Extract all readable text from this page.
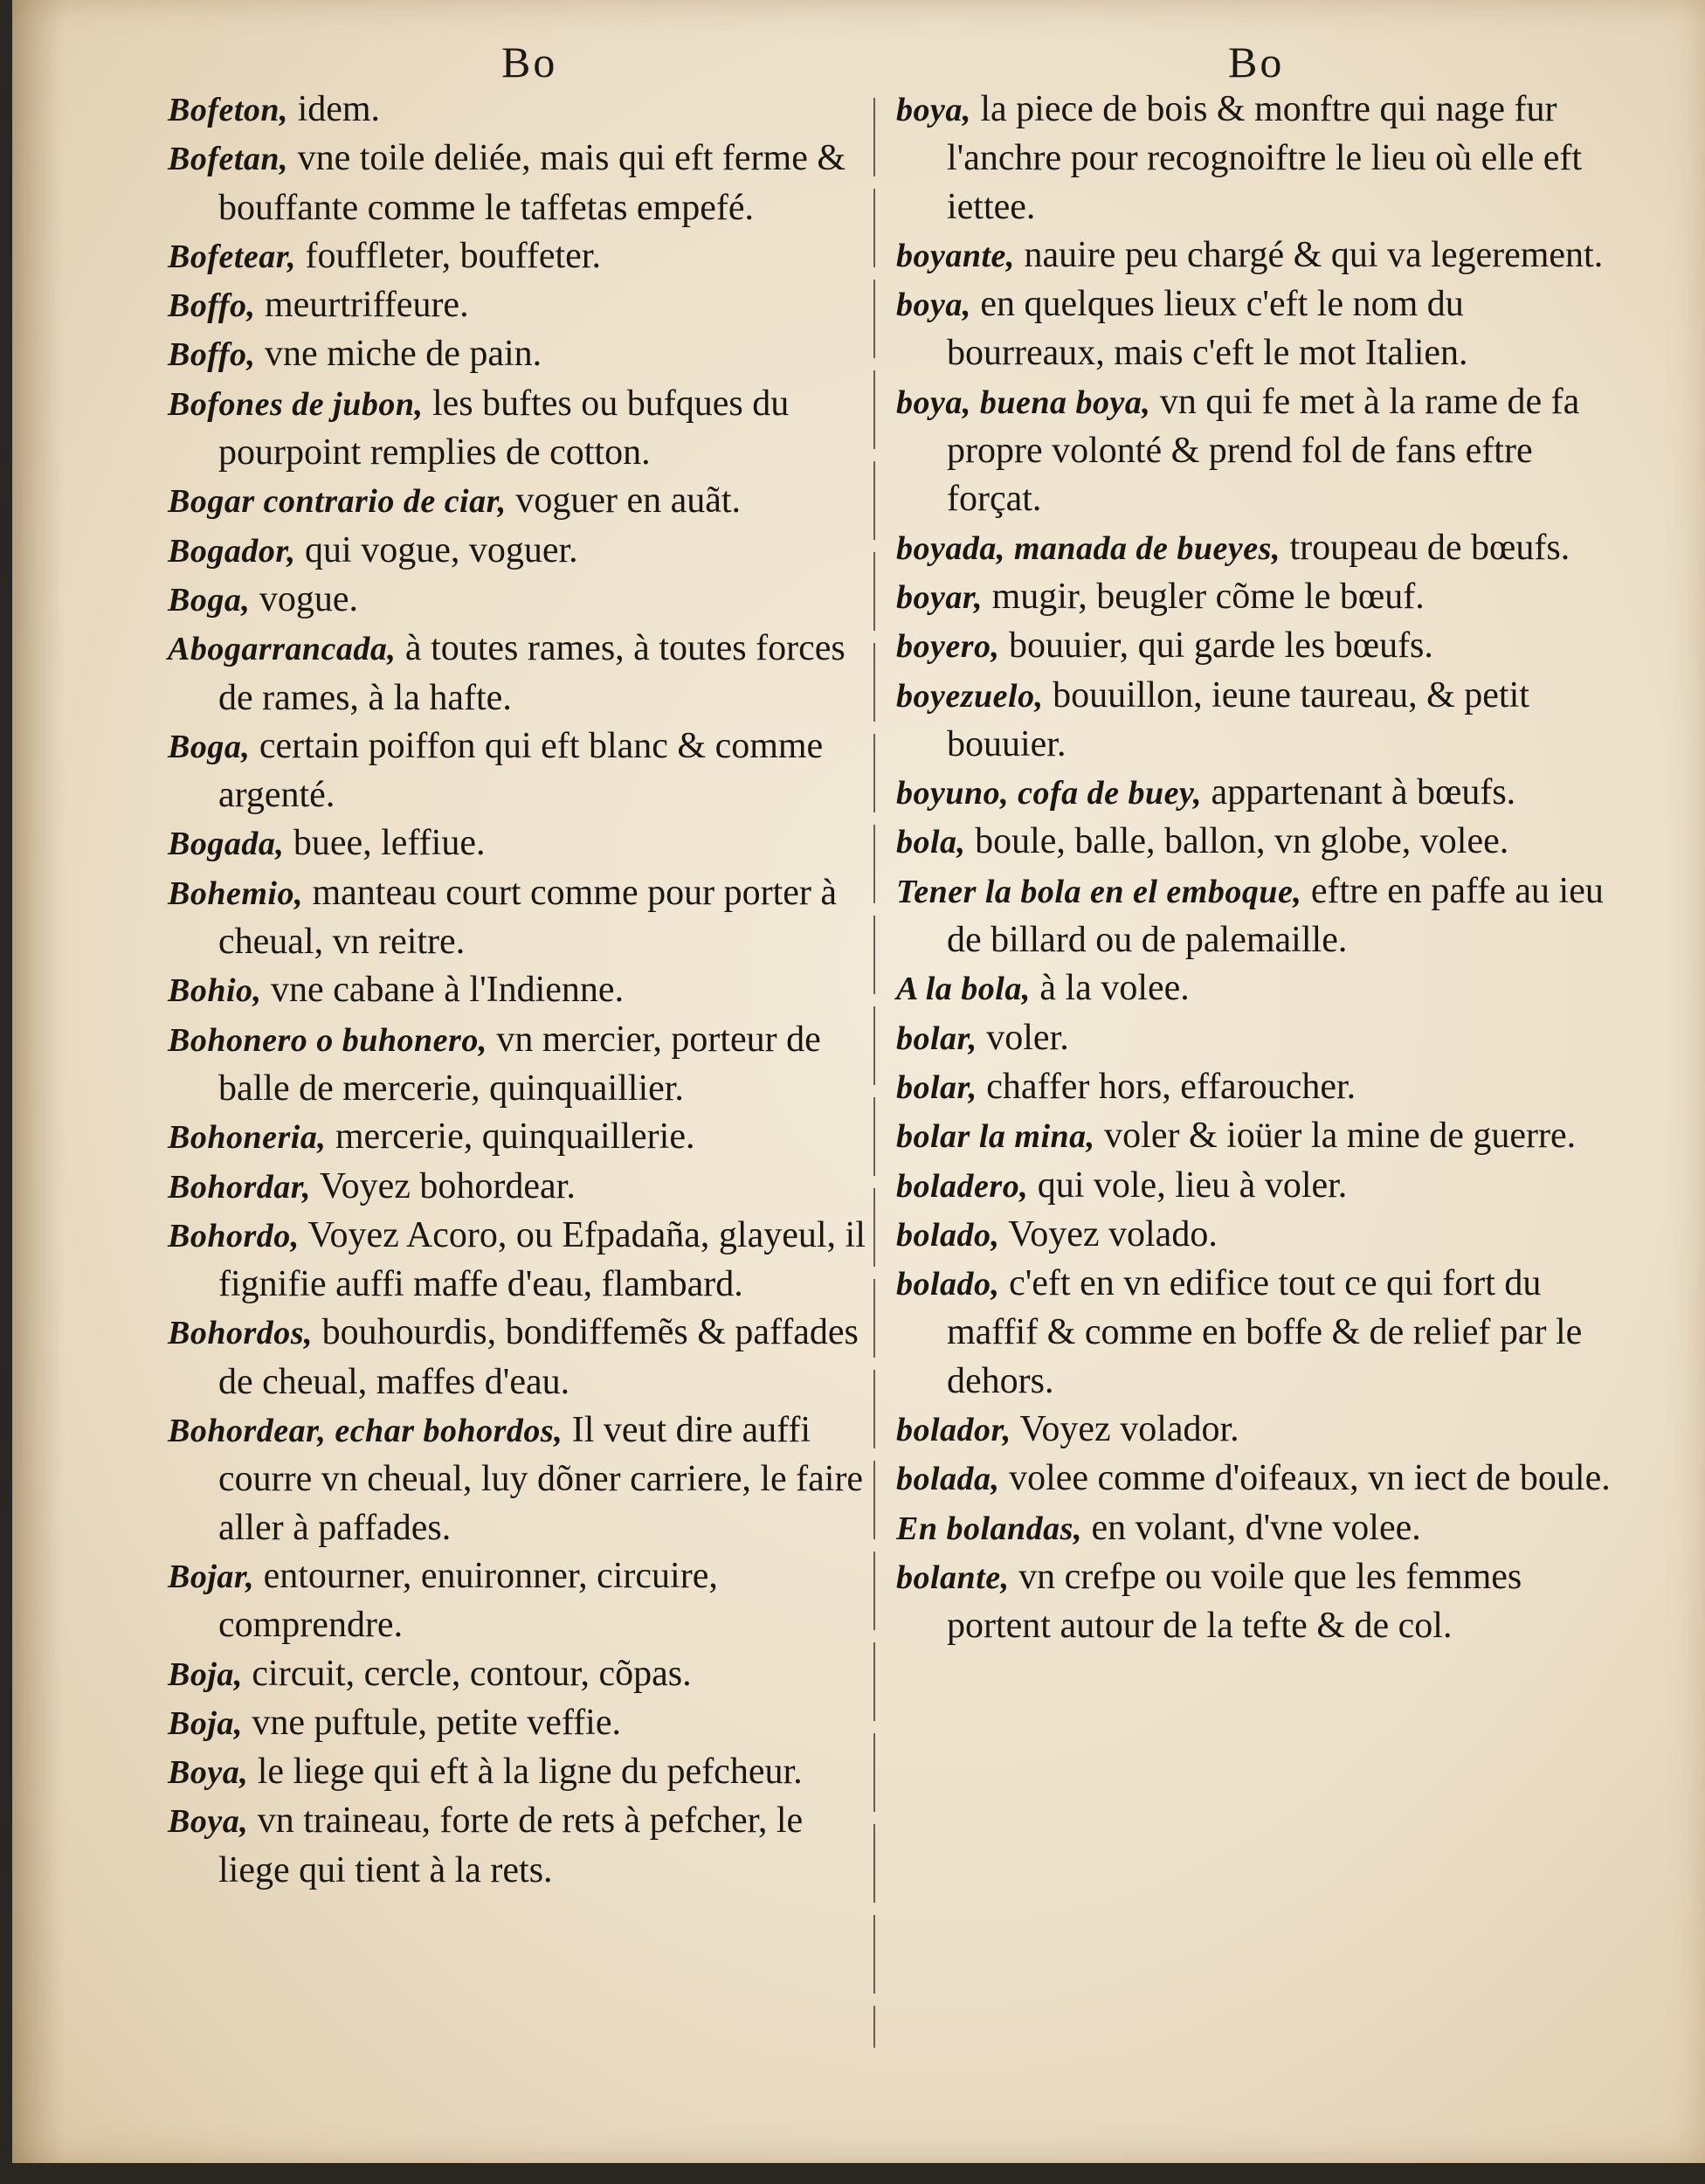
Bo	Bo

Bofeton, idem.

Bofetan, vne toile deliée, mais qui eft ferme & bouffante comme le taffetas empefé.

Bofetear, fouffleter, bouffeter.

Boffo, meurtriffeure.

Boffo, vne miche de pain.

Bofones de jubon, les buftes ou bufques du pourpoint remplies de cotton.

Bogar contrario de ciar, voguer en auãt.

Bogador, qui vogue, voguer.

Boga, vogue.

Abogarrancada, à toutes rames, à toutes forces de rames, à la hafte.

Boga, certain poiffon qui eft blanc & comme argenté.

Bogada, buee, leffiue.

Bohemio, manteau court comme pour porter à cheual, vn reitre.

Bohio, vne cabane à l'Indienne.

Bohonero o buhonero, vn mercier, porteur de balle de mercerie, quinquaillier.

Bohoneria, mercerie, quinquaillerie.

Bohordar, Voyez bohordear.

Bohordo, Voyez Acoro, ou Efpadaña, glayeul, il fignifie auffi maffe d'eau, flambard.

Bohordos, bouhourdis, bondiffemẽs & paffades de cheual, maffes d'eau.

Bohordear, echar bohordos, Il veut dire auffi courre vn cheual, luy dõner carriere, le faire aller à paffades.

Bojar, entourner, enuironner, circuire, comprendre.

Boja, circuit, cercle, contour, cõpas.

Boja, vne puftule, petite veffie.

Boya, le liege qui eft à la ligne du pefcheur.

Boya, vn traineau, forte de rets à pefcher, le liege qui tient à la rets.

boya, la piece de bois & monftre qui nage fur l'anchre pour recognoiftre le lieu où elle eft iettee.

boyante, nauire peu chargé & qui va legerement.

boya, en quelques lieux c'eft le nom du bourreaux, mais c'eft le mot Italien.

boya, buena boya, vn qui fe met à la rame de fa propre volonté & prend fol de fans eftre forçat.

boyada, manada de bueyes, troupeau de bœufs.

boyar, mugir, beugler cõme le bœuf.

boyero, bouuier, qui garde les bœufs.

boyezuelo, bouuillon, ieune taureau, & petit bouuier.

boyuno, cofa de buey, appartenant à bœufs.

bola, boule, balle, ballon, vn globe, volee.

Tener la bola en el emboque, eftre en paffe au ieu de billard ou de palemaille.

A la bola, à la volee.

bolar, voler.

bolar, chaffer hors, effaroucher.

bolar la mina, voler & ioüer la mine de guerre.

boladero, qui vole, lieu à voler.

bolado, Voyez volado.

bolado, c'eft en vn edifice tout ce qui fort du maffif & comme en boffe & de relief par le dehors.

bolador, Voyez volador.

bolada, volee comme d'oifeaux, vn iect de boule.

En bolandas, en volant, d'vne volee.

bolante, vn crefpe ou voile que les femmes portent autour de la tefte & de col.
